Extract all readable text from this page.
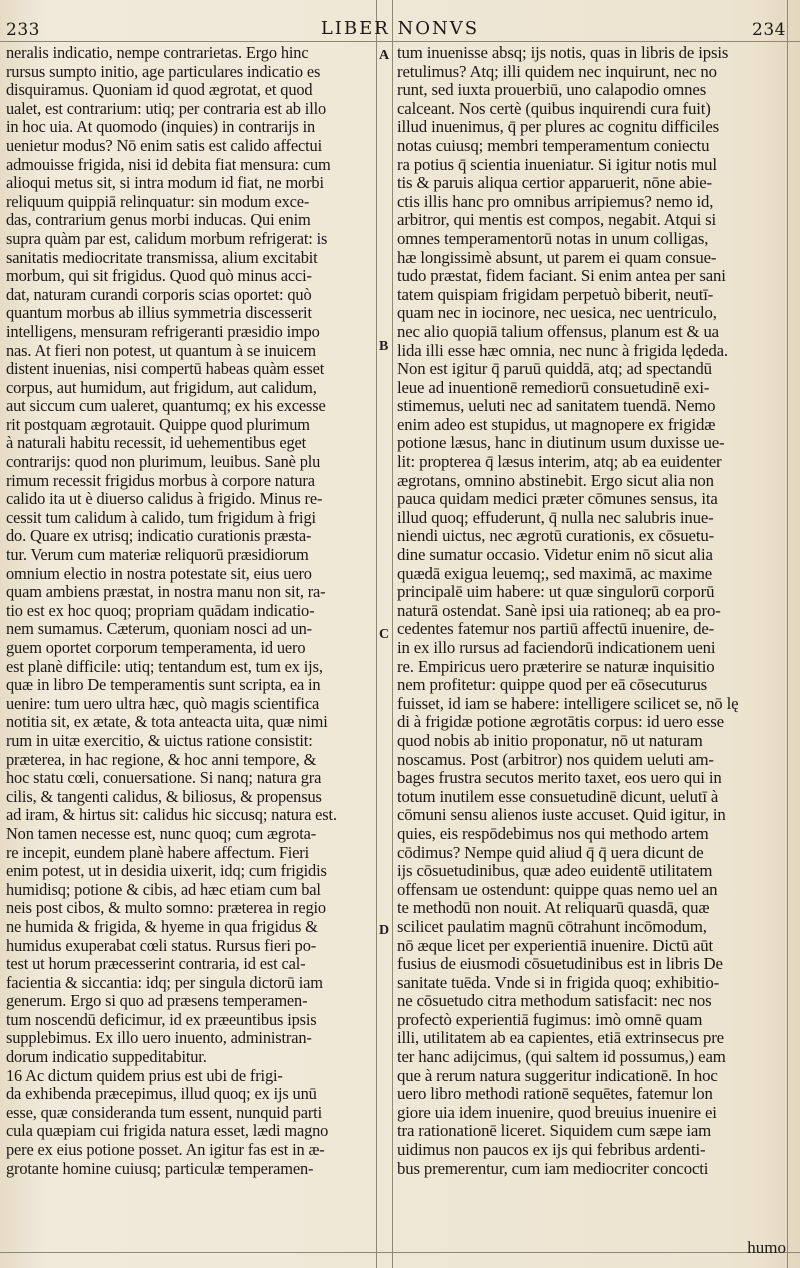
233	LIBER NONVS	234
neralis indicatio, nempe contrarietas. Ergo hinc
rursus sumpto initio, age particulares indicatio es
disquiramus. Quoniam id quod ægrotat, et quod
ualet, est contrarium: utiq; per contraria est ab illo
in hoc uia. At quomodo (inquies) in contrarijs in
uenietur modus? Nō enim satis est calido affectui
admouisse frigida, nisi id debita fiat mensura: cum
alioqui metus sit, si intra modum id fiat, ne morbi
reliquum quippiā relinquatur: sin modum exce-
das, contrarium genus morbi inducas. Qui enim
supra quàm par est, calidum morbum refrigerat: is
sanitatis mediocritate transmissa, alium excitabit
morbum, qui sit frigidus. Quod quò minus acci-
dat, naturam curandi corporis scias oportet: quò
quantum morbus ab illius symmetria discesserit
intelligens, mensuram refrigeranti præsidio impo
nas. At fieri non potest, ut quantum à se inuicem
distent inuenias, nisi compertū habeas quàm esset
corpus, aut humidum, aut frigidum, aut calidum,
aut siccum cum ualeret, quantumq; ex his excesse
rit postquam ægrotauit. Quippe quod plurimum
à naturali habitu recessit, id uehementibus eget
contrarijs: quod non plurimum, leuibus. Sanè plu
rimum recessit frigidus morbus à corpore natura
calido ita ut è diuerso calidus à frigido. Minus re-
cessit tum calidum à calido, tum frigidum à frigi
do. Quare ex utrisq; indicatio curationis præsta-
tur. Verum cum materiæ reliquorū præsidiorum
omnium electio in nostra potestate sit, eius uero
quam ambiens præstat, in nostra manu non sit, ra-
tio est ex hoc quoq; propriam quādam indicatio-
nem sumamus. Cæterum, quoniam nosci ad un-
guem oportet corporum temperamenta, id uero
est planè difficile: utiq; tentandum est, tum ex ijs,
quæ in libro De temperamentis sunt scripta, ea in
uenire: tum uero ultra hæc, quò magis scientifica
notitia sit, ex ætate, & tota anteacta uita, quæ nimi
rum in uitæ exercitio, & uictus ratione consistit:
præterea, in hac regione, & hoc anni tempore, &
hoc statu cœli, conuersatione. Si nanq; natura gra
cilis, & tangenti calidus, & biliosus, & propensus
ad iram, & hirtus sit: calidus hic siccusq; natura est.
Non tamen necesse est, nunc quoq; cum ægrota-
re incepit, eundem planè habere affectum. Fieri
enim potest, ut in desidia uixerit, idq; cum frigidis
humidisq; potione & cibis, ad hæc etiam cum bal
neis post cibos, & multo somno: præterea in regio
ne humida & frigida, & hyeme in qua frigidus &
humidus exuperabat cœli status. Rursus fieri po-
test ut horum præcesserint contraria, id est cal-
facientia & siccantia: idq; per singula dictorū iam
generum. Ergo si quo ad præsens temperamen-
tum noscendū deficimur, id ex præeuntibus ipsis
supplebimus. Ex illo uero inuento, administran-
dorum indicatio suppeditabitur.
16 Ac dictum quidem prius est ubi de frigi-
da exhibenda præcepimus, illud quoq; ex ijs unū
esse, quæ consideranda tum essent, nunquid parti
cula quæpiam cui frigida natura esset, lædi magno
pere ex eius potione posset. An igitur fas est in æ-
grotante homine cuiusq; particulæ temperamen-
tum inuenisse absq; ijs notis, quas in libris de ipsis
retulimus? Atq; illi quidem nec inquirunt, nec no
runt, sed iuxta prouerbiū, uno calapodio omnes
calceant. Nos certè (quibus inquirendi cura fuit)
illud inuenimus, q̄ per plures ac cognitu difficiles
notas cuiusq; membri temperamentum coniectu
ra potius q̄ scientia inueniatur. Si igitur notis mul
tis & paruis aliqua certior apparuerit, nōne abie-
ctis illis hanc pro omnibus arripiemus? nemo id,
arbitror, qui mentis est compos, negabit. Atqui si
omnes temperamentorū notas in unum colligas,
hæ longissimè absunt, ut parem ei quam consue-
tudo præstat, fidem faciant. Si enim antea per sani
tatem quispiam frigidam perpetuò biberit, neutī-
quam nec in iocinore, nec uesica, nec uentriculo,
nec alio quopiā talium offensus, planum est & ua
lida illi esse hæc omnia, nec nunc à frigida lędeda.
Non est igitur q̄ paruū quiddā, atq; ad spectandū
leue ad inuentionē remediorū consuetudinē exi-
stimemus, ueluti nec ad sanitatem tuendā. Nemo
enim adeo est stupidus, ut magnopere ex frigidæ
potione læsus, hanc in diutinum usum duxisse ue-
lit: propterea q̄ læsus interim, atq; ab ea euidenter
ægrotans, omnino abstinebit. Ergo sicut alia non
pauca quidam medici præter cōmunes sensus, ita
illud quoq; effuderunt, q̄ nulla nec salubris inue-
niendi uictus, nec ægrotū curationis, ex cōsuetu-
dine sumatur occasio. Videtur enim nō sicut alia
quædā exigua leuemq;, sed maximā, ac maxime
principalē uim habere: ut quæ singulorū corporū
naturā ostendat. Sanè ipsi uia rationeq; ab ea pro-
cedentes fatemur nos partiū affectū inuenire, de-
in ex illo rursus ad faciendorū indicationem ueni
re. Empiricus uero præterire se naturæ inquisitio
nem profitetur: quippe quod per eā cōsecuturus
fuisset, id iam se habere: intelligere scilicet se, nō lę
di à frigidæ potione ægrotātis corpus: id uero esse
quod nobis ab initio proponatur, nō ut naturam
noscamus. Post (arbitror) nos quidem ueluti am-
bages frustra secutos merito taxet, eos uero qui in
totum inutilem esse consuetudinē dicunt, uelutī à
cōmuni sensu alienos iuste accuset. Quid igitur, in
quies, eis respōdebimus nos qui methodo artem
cōdimus? Nempe quid aliud q̄ q̄ uera dicunt de
ijs cōsuetudinibus, quæ adeo euidentē utilitatem
offensam ue ostendunt: quippe quas nemo uel an
te methodū non nouit. At reliquarū quasdā, quæ
scilicet paulatim magnū cōtrahunt incōmodum,
nō æque licet per experientiā inuenire. Dictū aūt
fusius de eiusmodi cōsuetudinibus est in libris De
sanitate tuēda. Vnde si in frigida quoq; exhibitio-
ne cōsuetudo citra methodum satisfacit: nec nos
profectò experientiā fugimus: imò omnē quam
illi, utilitatem ab ea capientes, etiā extrinsecus pre
ter hanc adijcimus, (qui saltem id possumus,) eam
que à rerum natura suggeritur indicationē. In hoc
uero libro methodi rationē sequētes, fatemur lon
giore uia idem inuenire, quod breuius inuenire ei
tra rationationē liceret. Siquidem cum sæpe iam
uidimus non paucos ex ijs qui febribus ardenti-
bus premerentur, cum iam mediocriter concocti
A
B
C
D
humo
